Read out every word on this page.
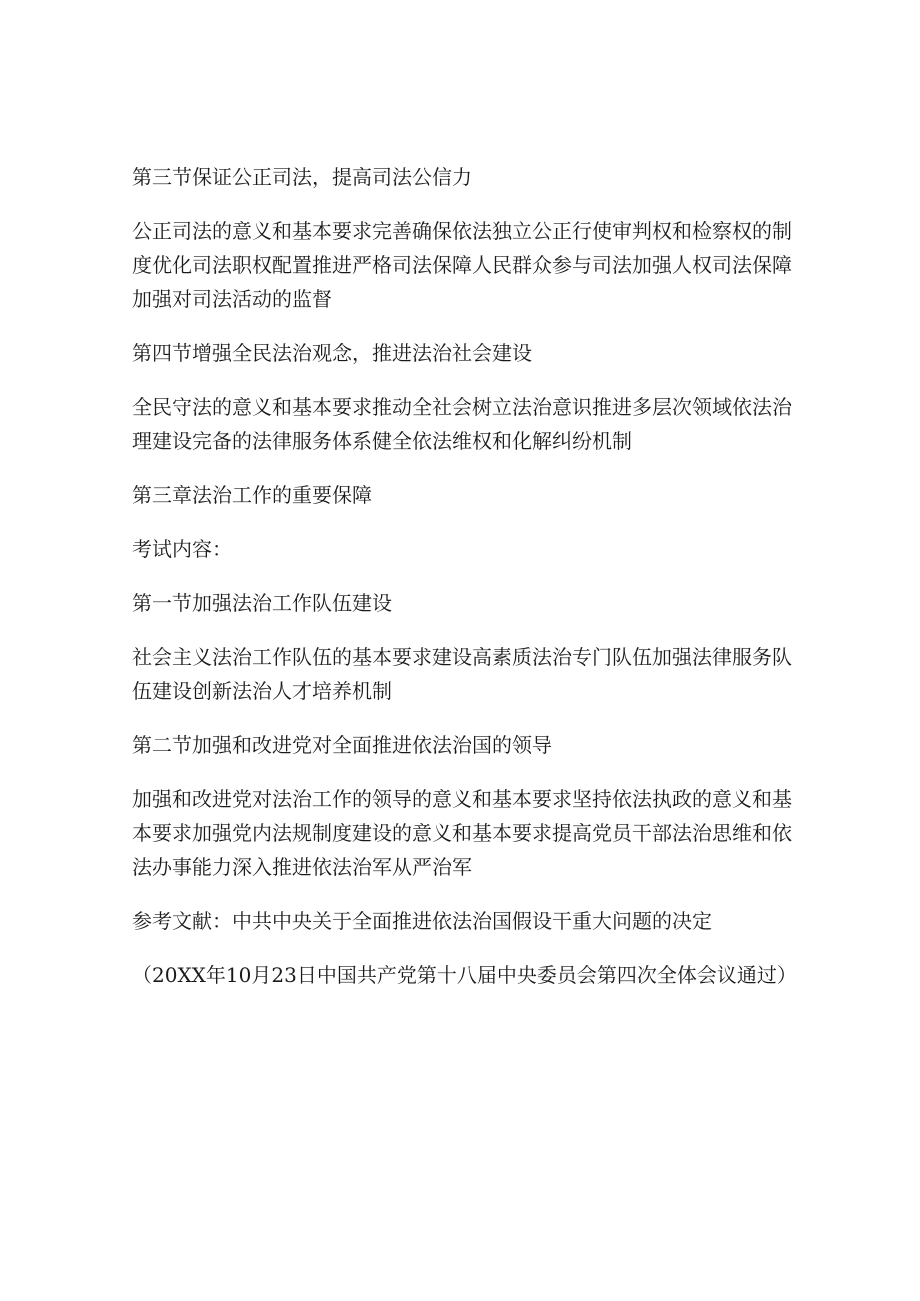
第三节保证公正司法，提高司法公信力

公正司法的意义和基本要求完善确保依法独立公正行使审判权和检察权的制度优化司法职权配置推进严格司法保障人民群众参与司法加强人权司法保障加强对司法活动的监督

第四节增强全民法治观念，推进法治社会建设

全民守法的意义和基本要求推动全社会树立法治意识推进多层次领域依法治理建设完备的法律服务体系健全依法维权和化解纠纷机制

第三章法治工作的重要保障

考试内容：

第一节加强法治工作队伍建设

社会主义法治工作队伍的基本要求建设高素质法治专门队伍加强法律服务队伍建设创新法治人才培养机制

第二节加强和改进党对全面推进依法治国的领导

加强和改进党对法治工作的领导的意义和基本要求坚持依法执政的意义和基本要求加强党内法规制度建设的意义和基本要求提高党员干部法治思维和依法办事能力深入推进依法治军从严治军

参考文献：中共中央关于全面推进依法治国假设干重大问题的决定

（20XX年10月23日中国共产党第十八届中央委员会第四次全体会议通过）
